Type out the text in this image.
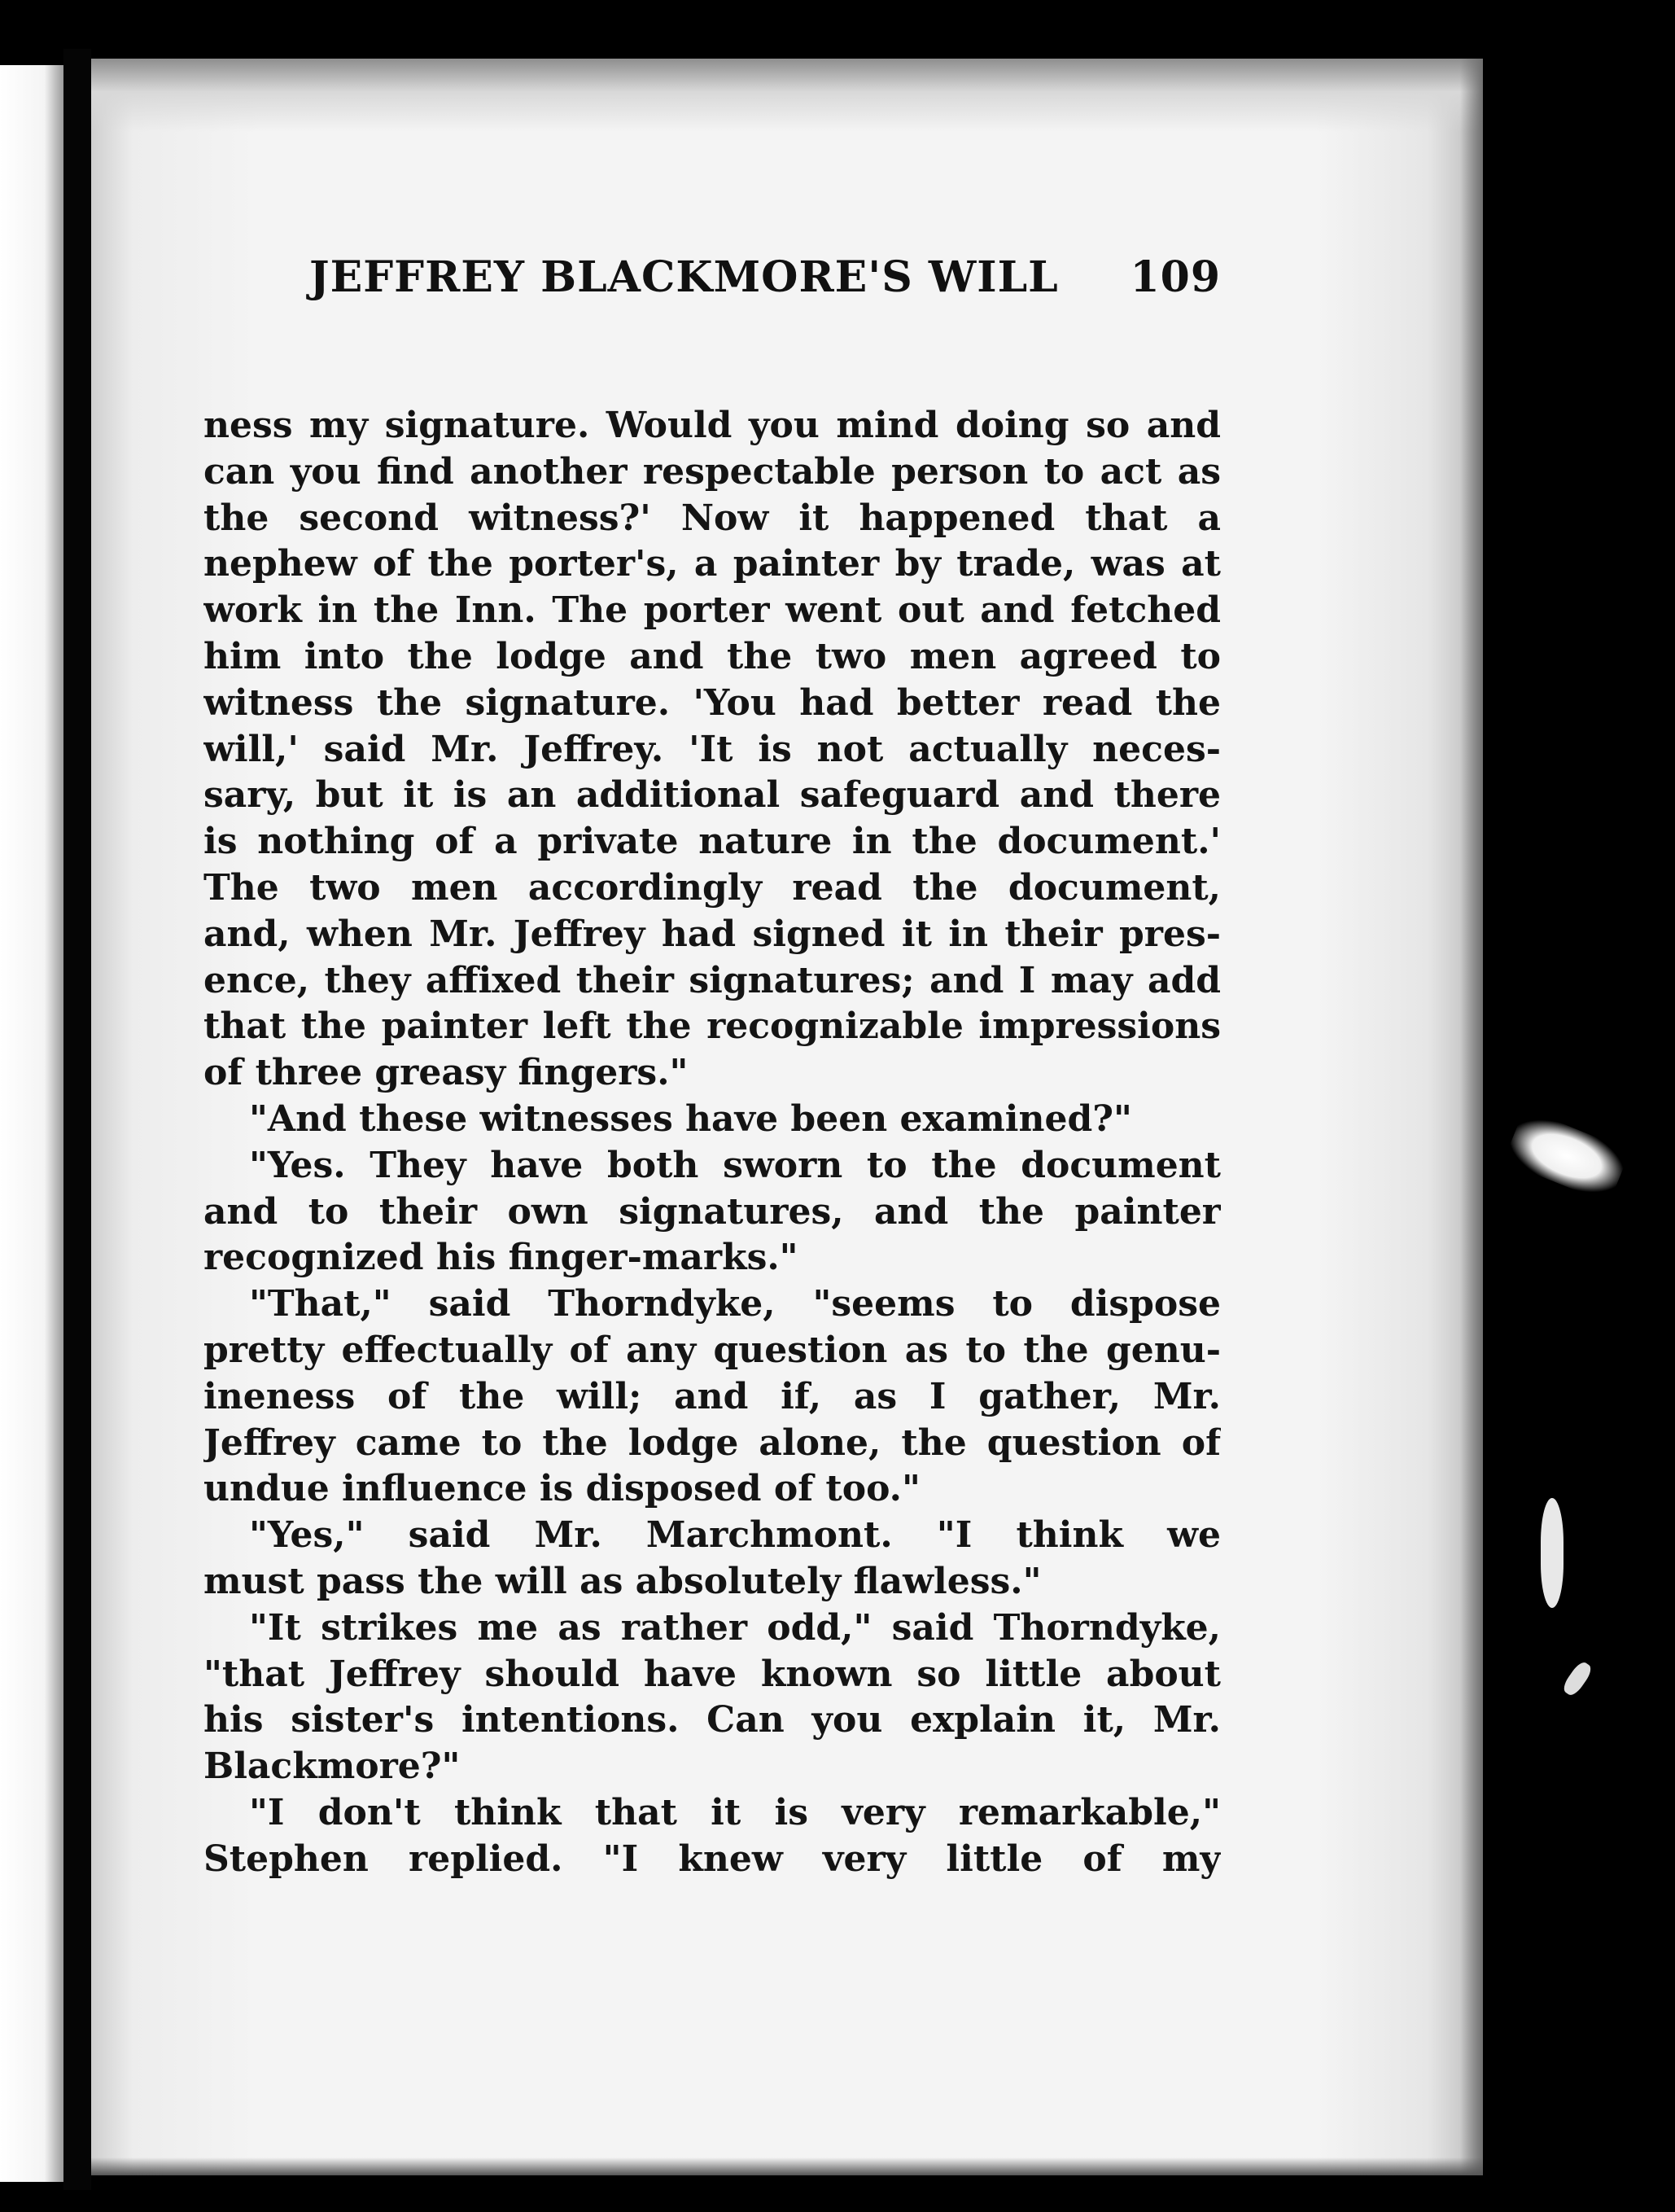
JEFFREY BLACKMORE'S WILL 109
ness my signature. Would you mind doing so and
can you find another respectable person to act as
the second witness?' Now it happened that a
nephew of the porter's, a painter by trade, was at
work in the Inn. The porter went out and fetched
him into the lodge and the two men agreed to
witness the signature. 'You had better read the
will,' said Mr. Jeffrey. 'It is not actually neces-
sary, but it is an additional safeguard and there
is nothing of a private nature in the document.'
The two men accordingly read the document,
and, when Mr. Jeffrey had signed it in their pres-
ence, they affixed their signatures; and I may add
that the painter left the recognizable impressions
of three greasy fingers."
"And these witnesses have been examined?"
"Yes. They have both sworn to the document
and to their own signatures, and the painter
recognized his finger-marks."
"That," said Thorndyke, "seems to dispose
pretty effectually of any question as to the genu-
ineness of the will; and if, as I gather, Mr.
Jeffrey came to the lodge alone, the question of
undue influence is disposed of too."
"Yes," said Mr. Marchmont. "I think we
must pass the will as absolutely flawless."
"It strikes me as rather odd," said Thorndyke,
"that Jeffrey should have known so little about
his sister's intentions. Can you explain it, Mr.
Blackmore?"
"I don't think that it is very remarkable,"
Stephen replied. "I knew very little of my
